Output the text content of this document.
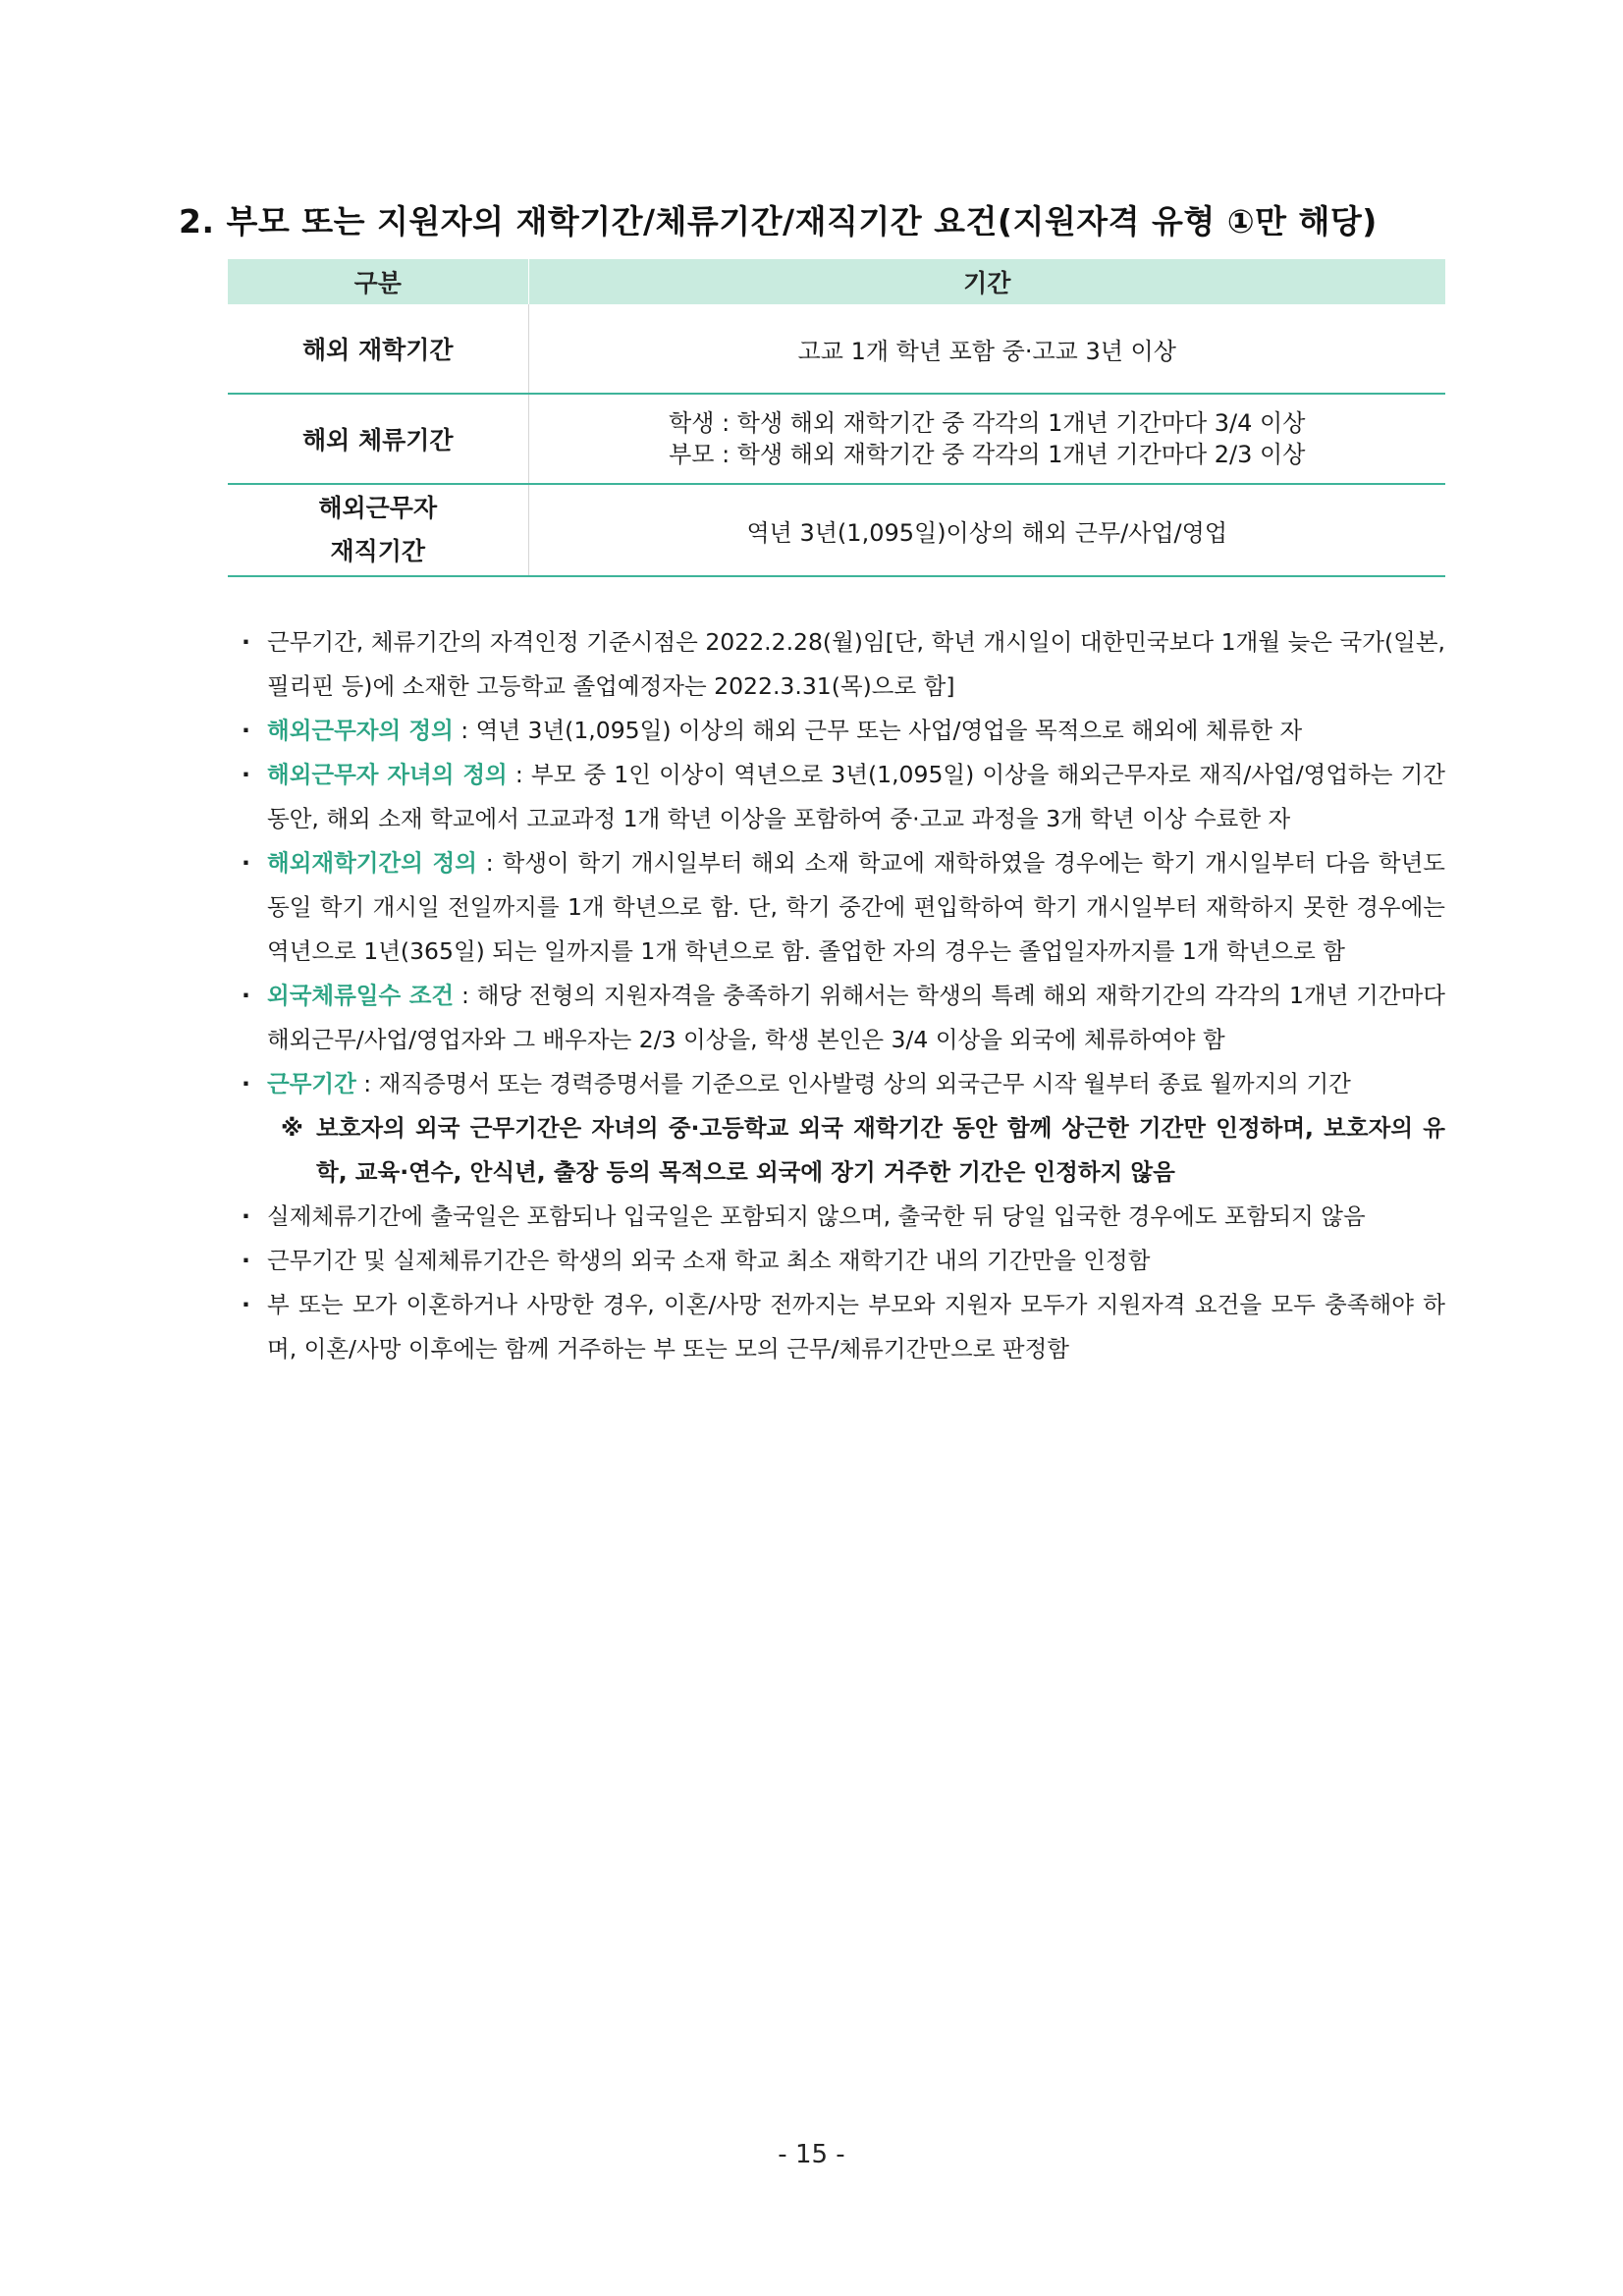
2. 부모 또는 지원자의 재학기간/체류기간/재직기간 요건(지원자격 유형 ①만 해당)
구분	기간
해외 재학기간	고교 1개 학년 포함 중·고교 3년 이상
해외 체류기간	학생 : 학생 해외 재학기간 중 각각의 1개년 기간마다 3/4 이상
부모 : 학생 해외 재학기간 중 각각의 1개년 기간마다 2/3 이상

해외근무자
재직기간	역년 3년(1,095일)이상의 해외 근무/사업/영업
· 근무기간, 체류기간의 자격인정 기준시점은 2022.2.28(월)임[단, 학년 개시일이 대한민국보다 1개월 늦은 국가(일본, 필리핀 등)에 소재한 고등학교 졸업예정자는 2022.3.31(목)으로 함]
· 해외근무자의 정의 : 역년 3년(1,095일) 이상의 해외 근무 또는 사업/영업을 목적으로 해외에 체류한 자
· 해외근무자 자녀의 정의 : 부모 중 1인 이상이 역년으로 3년(1,095일) 이상을 해외근무자로 재직/사업/영업하는 기간 동안, 해외 소재 학교에서 고교과정 1개 학년 이상을 포함하여 중·고교 과정을 3개 학년 이상 수료한 자
· 해외재학기간의 정의 : 학생이 학기 개시일부터 해외 소재 학교에 재학하였을 경우에는 학기 개시일부터 다음 학년도 동일 학기 개시일 전일까지를 1개 학년으로 함. 단, 학기 중간에 편입학하여 학기 개시일부터 재학하지 못한 경우에는 역년으로 1년(365일) 되는 일까지를 1개 학년으로 함. 졸업한 자의 경우는 졸업일자까지를 1개 학년으로 함
· 외국체류일수 조건 : 해당 전형의 지원자격을 충족하기 위해서는 학생의 특례 해외 재학기간의 각각의 1개년 기간마다 해외근무/사업/영업자와 그 배우자는 2/3 이상을, 학생 본인은 3/4 이상을 외국에 체류하여야 함
· 근무기간 : 재직증명서 또는 경력증명서를 기준으로 인사발령 상의 외국근무 시작 월부터 종료 월까지의 기간
※ 보호자의 외국 근무기간은 자녀의 중·고등학교 외국 재학기간 동안 함께 상근한 기간만 인정하며, 보호자의 유학, 교육·연수, 안식년, 출장 등의 목적으로 외국에 장기 거주한 기간은 인정하지 않음
· 실제체류기간에 출국일은 포함되나 입국일은 포함되지 않으며, 출국한 뒤 당일 입국한 경우에도 포함되지 않음
· 근무기간 및 실제체류기간은 학생의 외국 소재 학교 최소 재학기간 내의 기간만을 인정함
· 부 또는 모가 이혼하거나 사망한 경우, 이혼/사망 전까지는 부모와 지원자 모두가 지원자격 요건을 모두 충족해야 하며, 이혼/사망 이후에는 함께 거주하는 부 또는 모의 근무/체류기간만으로 판정함
- 15 -
